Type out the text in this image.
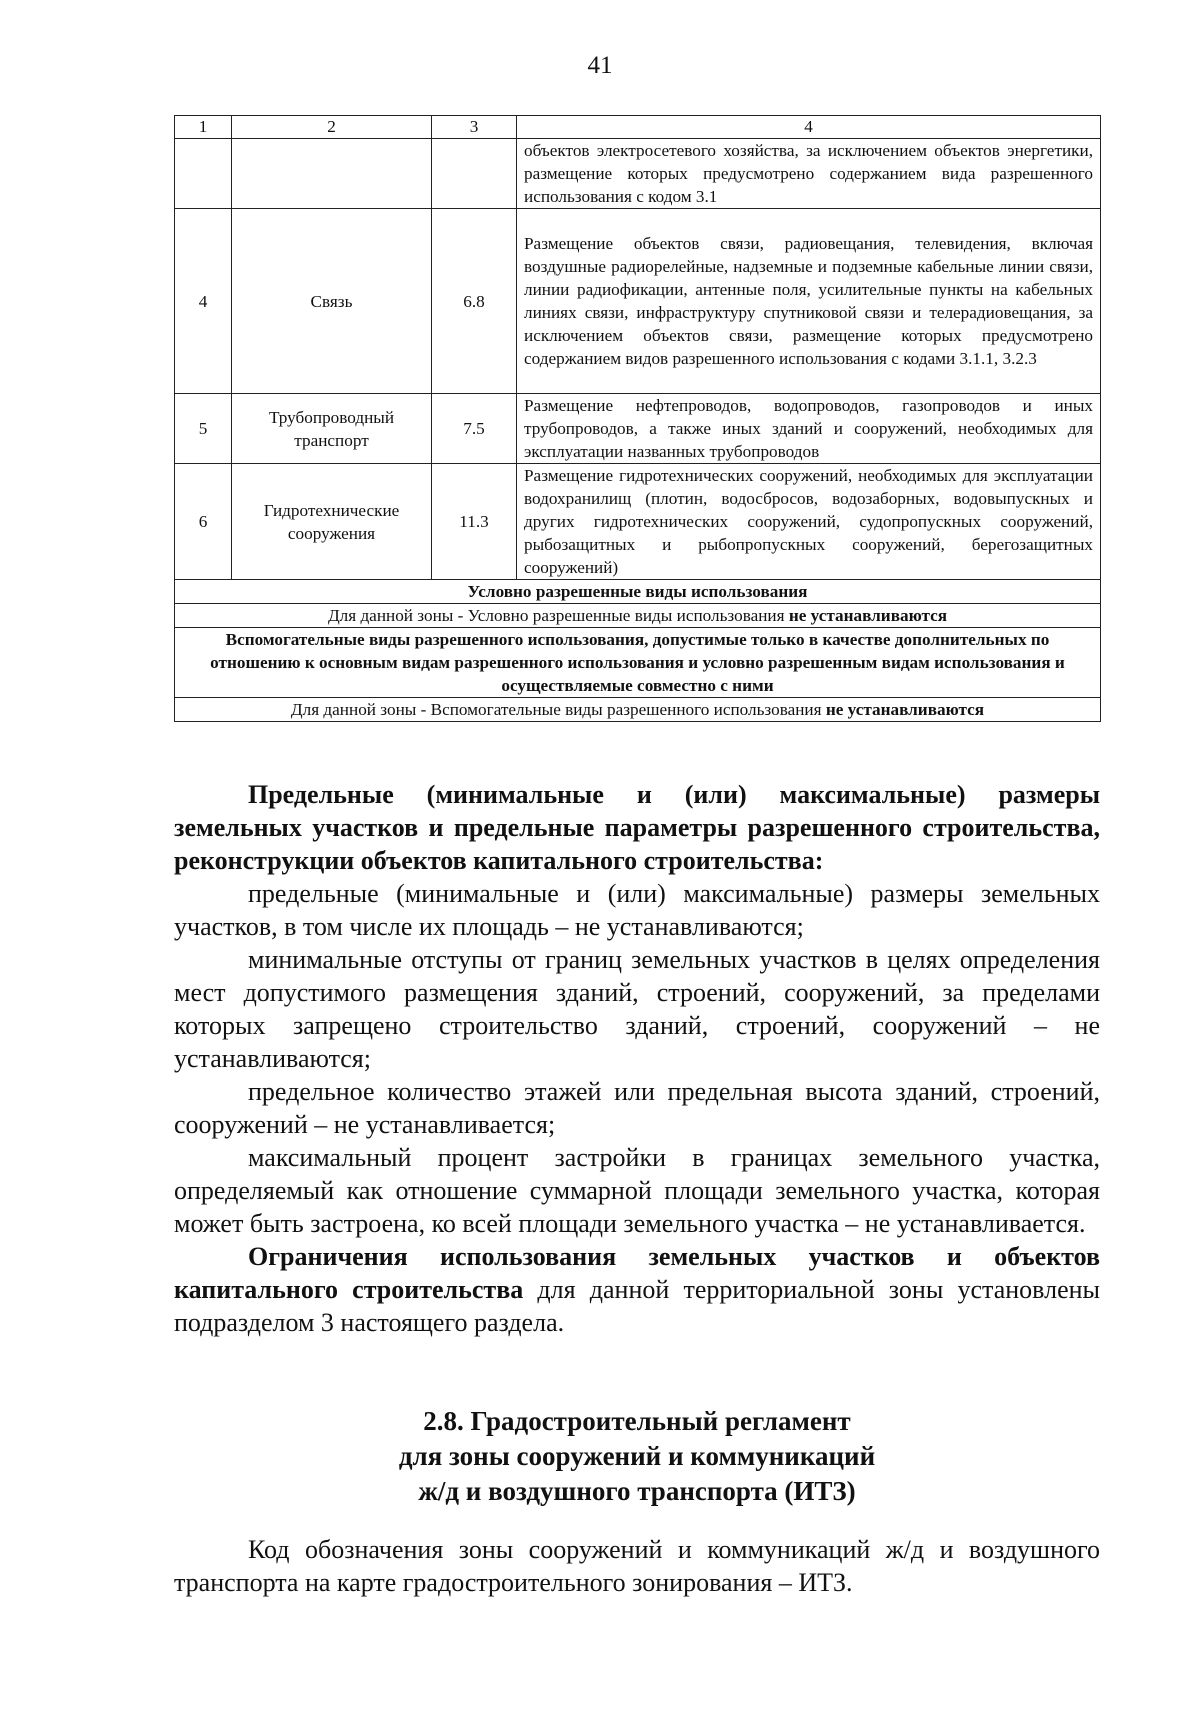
41
1	2	3	4
			объектов электросетевого хозяйства, за исключением объектов энергетики, размещение которых предусмотрено содержанием вида разрешенного использования с кодом 3.1
4	Связь	6.8	Размещение объектов связи, радиовещания, телевидения, включая воздушные радиорелейные, надземные и подземные кабельные линии связи, линии радиофикации, антенные поля, усилительные пункты на кабельных линиях связи, инфраструктуру спутниковой связи и телерадиовещания, за исключением объектов связи, размещение которых предусмотрено содержанием видов разрешенного использования с кодами 3.1.1, 3.2.3
5	Трубопроводный транспорт	7.5	Размещение нефтепроводов, водопроводов, газопроводов и иных трубопроводов, а также иных зданий и сооружений, необходимых для эксплуатации названных трубопроводов
6	Гидротехнические сооружения	11.3	Размещение гидротехнических сооружений, необходимых для эксплуатации водохранилищ (плотин, водосбросов, водозаборных, водовыпускных и других гидротехнических сооружений, судопропускных сооружений, рыбозащитных и рыбопропускных сооружений, берегозащитных сооружений)
Условно разрешенные виды использования			
Для данной зоны - Условно разрешенные виды использования не устанавливаются			
Вспомогательные виды разрешенного использования, допустимые только в качестве дополнительных по отношению к основным видам разрешенного использования и условно разрешенным видам использования и осуществляемые совместно с ними			
Для данной зоны - Вспомогательные виды разрешенного использования не устанавливаются			

Предельные (минимальные и (или) максимальные) размеры земельных участков и предельные параметры разрешенного строительства, реконструкции объектов капитального строительства:

предельные (минимальные и (или) максимальные) размеры земельных участков, в том числе их площадь – не устанавливаются;

минимальные отступы от границ земельных участков в целях определения мест допустимого размещения зданий, строений, сооружений, за пределами которых запрещено строительство зданий, строений, сооружений – не устанавливаются;

предельное количество этажей или предельная высота зданий, строений, сооружений – не устанавливается;

максимальный процент застройки в границах земельного участка, определяемый как отношение суммарной площади земельного участка, которая может быть застроена, ко всей площади земельного участка – не устанавливается.

Ограничения использования земельных участков и объектов капитального строительства для данной территориальной зоны установлены подразделом 3 настоящего раздела.

2.8. Градостроительный регламент
для зоны сооружений и коммуникаций
ж/д и воздушного транспорта (ИТЗ)

Код обозначения зоны сооружений и коммуникаций ж/д и воздушного транспорта на карте градостроительного зонирования – ИТЗ.
